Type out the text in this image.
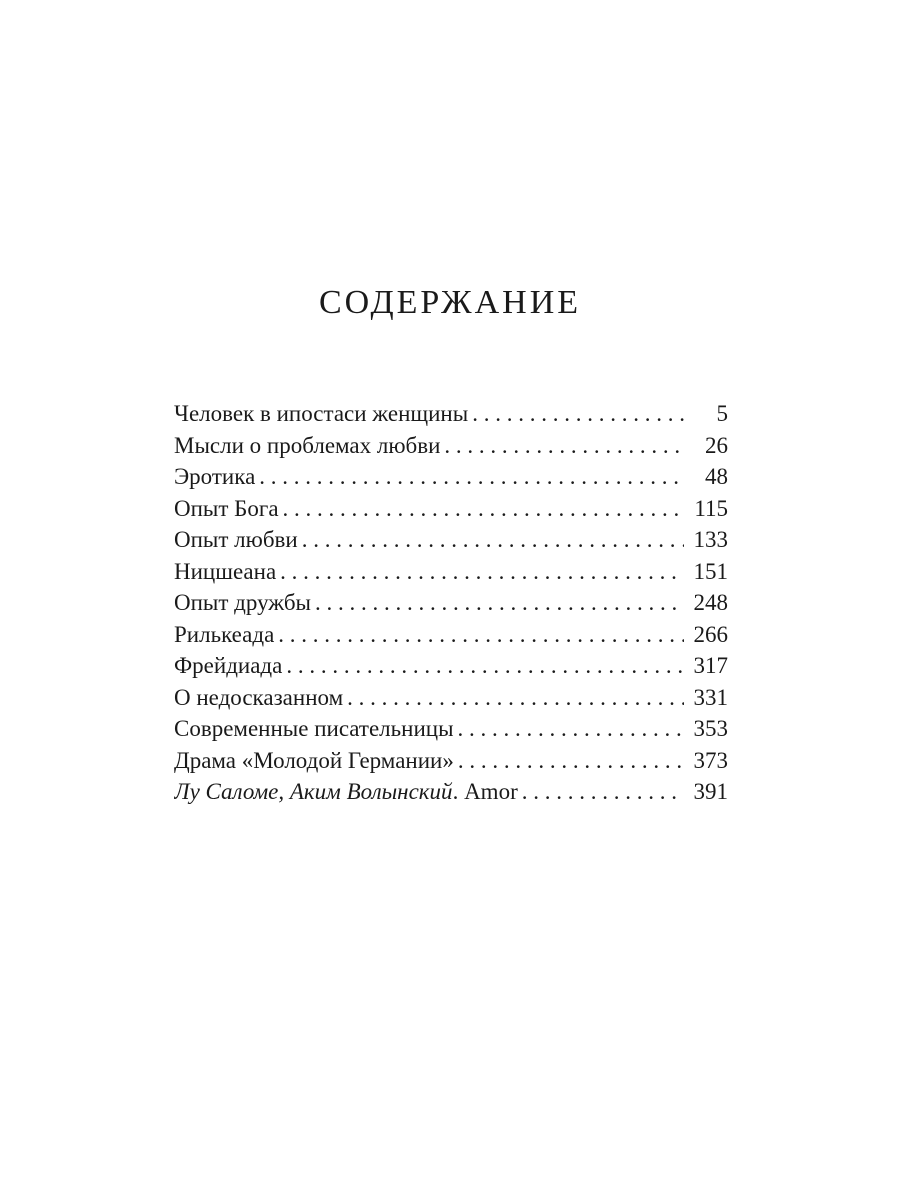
СОДЕРЖАНИЕ
Человек в ипостаси женщины . . .	5
Мысли о проблемах любви . . .	26
Эротика . . .	48
Опыт Бога . . .	115
Опыт любви . . .	133
Ницшеана . . .	151
Опыт дружбы . . .	248
Рилькеада . . .	266
Фрейдиада . . .	317
О недосказанном . . .	331
Современные писательницы . . .	353
Драма «Молодой Германии» . . .	373
Лу Саломе, Аким Волынский. Amor . . .	391
